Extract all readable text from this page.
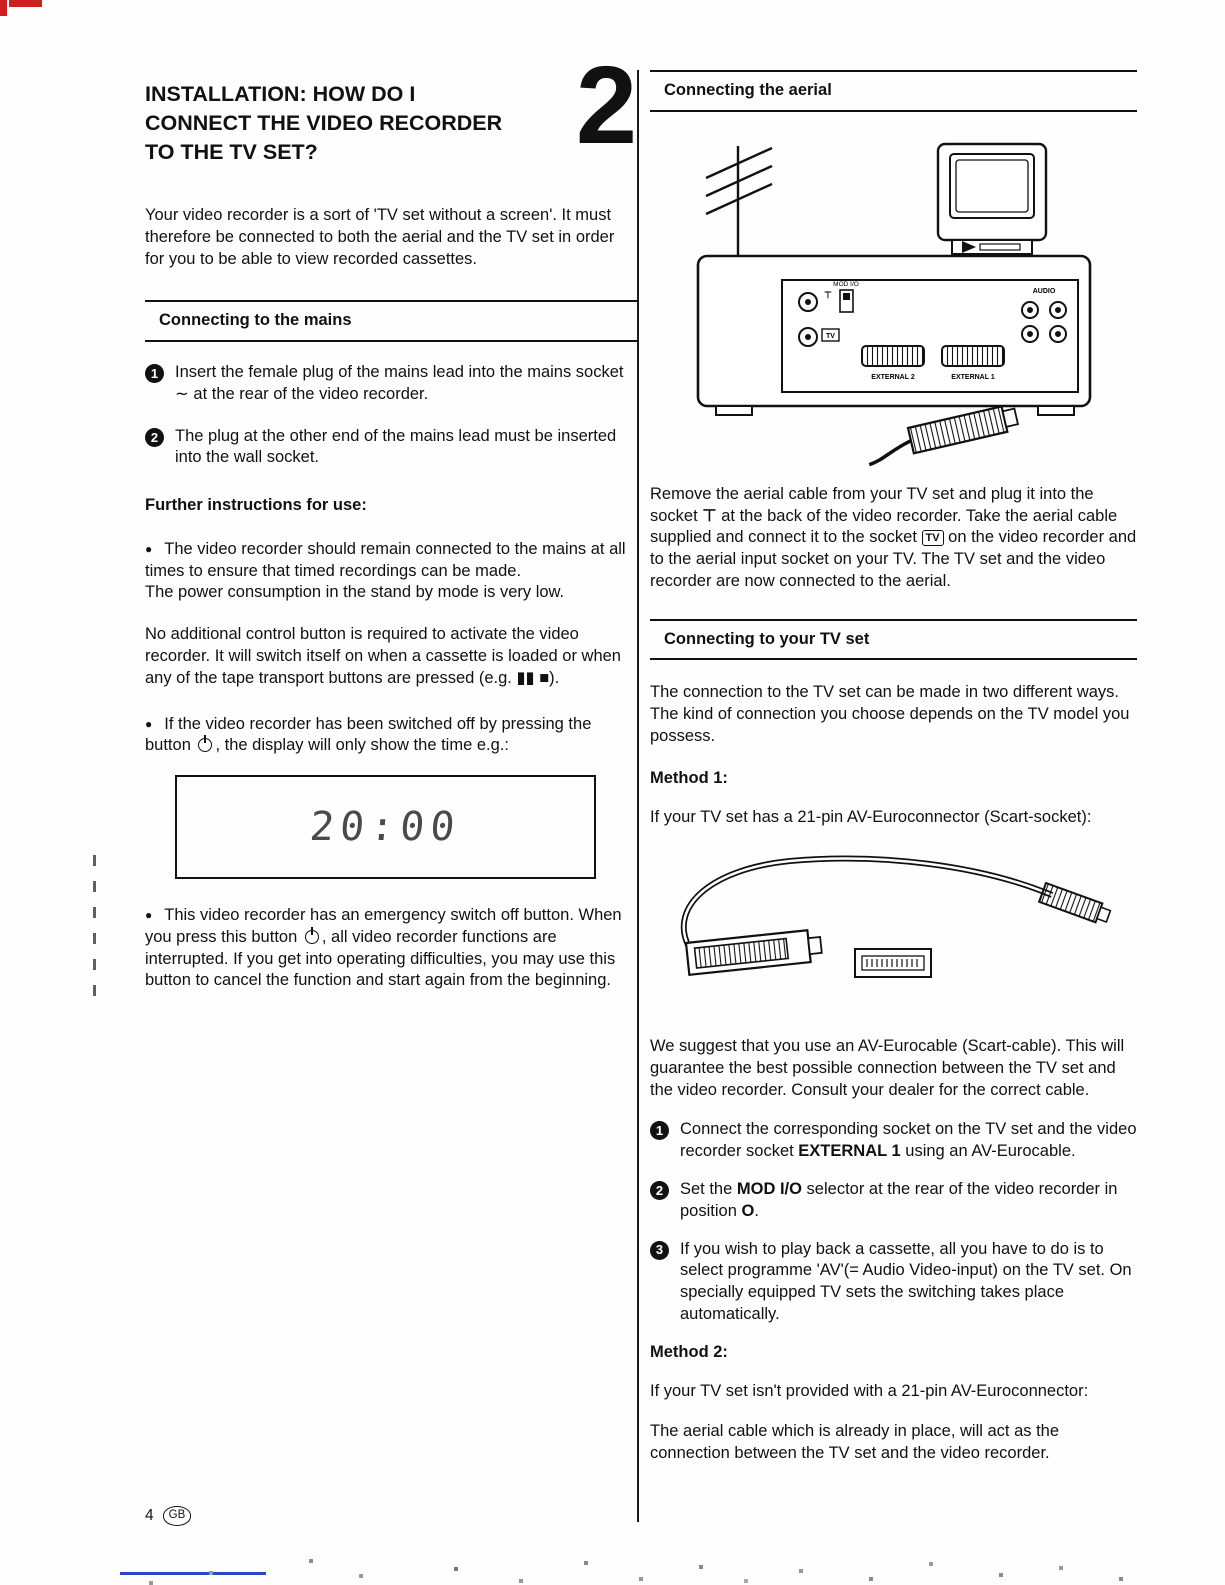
INSTALLATION: HOW DO I
CONNECT THE VIDEO RECORDER
TO THE TV SET?	2

Your video recorder is a sort of 'TV set without a screen'. It must therefore be connected to both the aerial and the TV set in order for you to be able to view recorded cassettes.

Connecting to the mains
1	Insert the female plug of the mains lead into the mains socket ∼ at the rear of the video recorder.

2	The plug at the other end of the mains lead must be inserted into the wall socket.

Further instructions for use:

● The video recorder should remain connected to the mains at all times to ensure that timed recordings can be made.
The power consumption in the stand by mode is very low.

No additional control button is required to activate the video recorder. It will switch itself on when a cassette is loaded or when any of the tape transport buttons are pressed (e.g. ▮▮ ■).

● If the video recorder has been switched off by pressing the button , the display will only show the time e.g.:

20:00

● This video recorder has an emergency switch off button. When you press this button , all video recorder functions are interrupted. If you get into operating difficulties, you may use this button to cancel the function and start again from the beginning.

Connecting the aerial
⊤
MOD I/O
TV
EXTERNAL 2	EXTERNAL 1
AUDIO

Remove the aerial cable from your TV set and plug it into the socket ⊤ at the back of the video recorder. Take the aerial cable supplied and connect it to the socket TV on the video recorder and to the aerial input socket on your TV. The TV set and the video recorder are now connected to the aerial.

Connecting to your TV set

The connection to the TV set can be made in two different ways. The kind of connection you choose depends on the TV model you possess.

Method 1:

If your TV set has a 21-pin AV-Euroconnector (Scart-socket):

We suggest that you use an AV-Eurocable (Scart-cable). This will guarantee the best possible connection between the TV set and the video recorder. Consult your dealer for the correct cable.

1	Connect the corresponding socket on the TV set and the video recorder socket EXTERNAL 1 using an AV-Eurocable.

2	Set the MOD I/O selector at the rear of the video recorder in position O.

3	If you wish to play back a cassette, all you have to do is to select programme 'AV'(= Audio Video-input) on the TV set. On specially equipped TV sets the switching takes place automatically.

Method 2:

If your TV set isn't provided with a 21-pin AV-Euroconnector:

The aerial cable which is already in place, will act as the connection between the TV set and the video recorder.

4	GB
